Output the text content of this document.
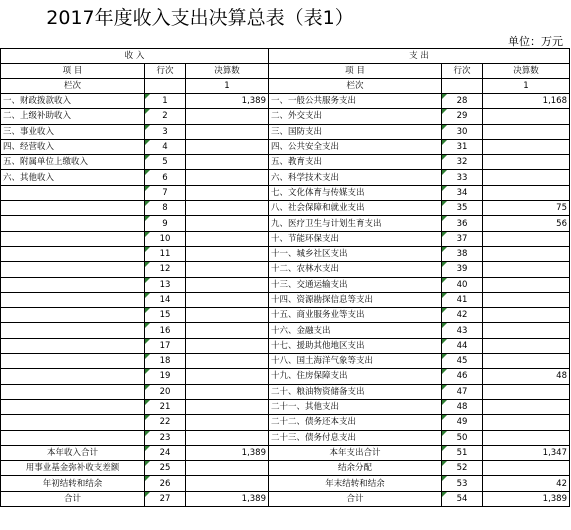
2017年度收入支出决算总表（表1）
单位：万元
收 入			支 出		
项 目	行次	决算数	项 目	行次	决算数
栏次		1	栏次		1
一、财政拨款收入	1	1,389	一、一般公共服务支出	28	1,168
二、上级补助收入	2		二、外交支出	29	
三、事业收入	3		三、国防支出	30	
四、经营收入	4		四、公共安全支出	31	
五、附属单位上缴收入	5		五、教育支出	32	
六、其他收入	6		六、科学技术支出	33	
	7		七、文化体育与传媒支出	34	
	8		八、社会保障和就业支出	35	75
	9		九、医疗卫生与计划生育支出	36	56
	10		十、节能环保支出	37	
	11		十一、城乡社区支出	38	
	12		十二、农林水支出	39	
	13		十三、交通运输支出	40	
	14		十四、资源勘探信息等支出	41	
	15		十五、商业服务业等支出	42	
	16		十六、金融支出	43	
	17		十七、援助其他地区支出	44	
	18		十八、国土海洋气象等支出	45	
	19		十九、住房保障支出	46	48
	20		二十、粮油物资储备支出	47	
	21		二十一、其他支出	48	
	22		二十二、债务还本支出	49	
	23		二十三、债务付息支出	50	
本年收入合计	24	1,389	本年支出合计	51	1,347
用事业基金弥补收支差额	25		结余分配	52	
年初结转和结余	26		年末结转和结余	53	42
合计	27	1,389	合计	54	1,389
